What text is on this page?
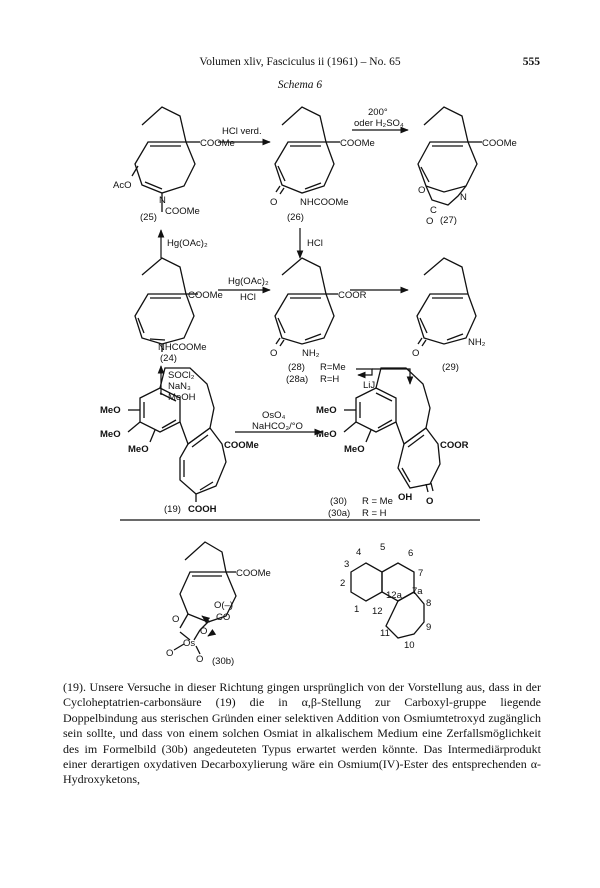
Volumen xliv, Fasciculus ii (1961) – No. 65	555
Schema 6
COOMe
AcO
N
COOMe
(25)
HCl verd.
COOMe
O NHCOOMe
(26)
200°
oder H₂SO₄
COOMe
O
N
C
O (27)
Hg(OAc)₂	HCl
COOMe
NHCOOMe
(24)
Hg(OAc)₂
HCl	COOR
O	NH₂
(28) R=Me
(28a) R=H
LiJ
O
NH₂
(29)
SOCl₂
NaN₃
MeOH
MeO
MeO
MeO	COOMe
COOH
MeO
MeO
MeO	COOR
OH O
(19)
OsO₄
NaHCO₃/°O
(30) R = Me
(30a) R = H
COOMe
O
O(–)
CO
Os
O
O
O (30b)
1
2
3
4 5
6
7
12a 7a
8
12
9
11
10

(19). Unsere Versuche in dieser Richtung gingen ursprünglich von der Vorstellung aus, dass in der Cycloheptatrien-carbonsäure (19) die in α,β-Stellung zur Carboxyl-gruppe liegende Doppelbindung aus sterischen Gründen einer selektiven Addition von Osmiumtetroxyd zugänglich sein sollte, und dass von einem solchen Osmiat in alkalischem Medium eine Zerfallsmöglichkeit des im Formelbild (30b) angedeuteten Typus erwartet werden könnte. Das Intermediärprodukt einer derartigen oxydativen Decarboxylierung wäre ein Osmium(IV)-Ester des entsprechenden α-Hydroxyketons,
